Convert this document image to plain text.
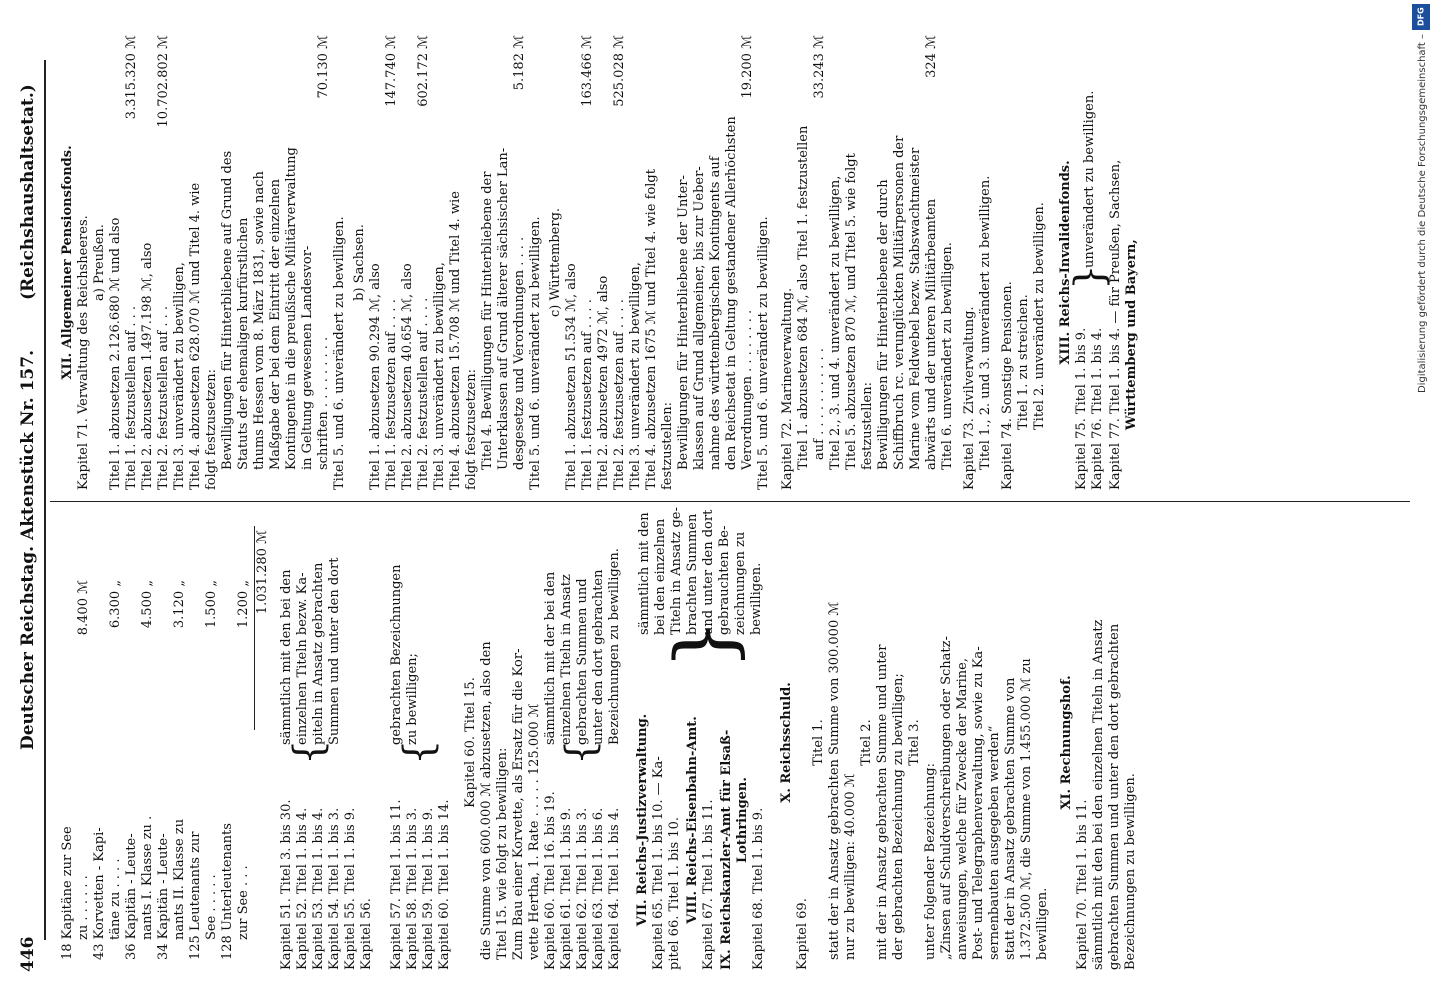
446
Deutscher Reichstag.
Aktenstück Nr. 157.
(Reichshaushaltsetat.)
18 Kapitäne zur See zu . . . . . .
8.400 ℳ
43 Korvetten - Kapi- täne zu . . . .
6.300 „
36 Kapitän - Leute- nants I. Klasse zu .
4.500 „
34 Kapitän - Leute- nants II. Klasse zu
3.120 „
125 Leutenants zur See . . . . .
1.500 „
128 Unterleutenants zur See . . .
1.200 „ 1.031.280 ℳ
Kapitel 51. Titel 3. bis 30. Kapitel 52. Titel 1. bis 4. Kapitel 53. Titel 1. bis 4. Kapitel 54. Titel 1. bis 3. Kapitel 55. Titel 1. bis 9. Kapitel 56.
{
sämmtlich mit den bei den einzelnen Titeln bezw. Ka- piteln in Ansatz gebrachten Summen und unter den dort
Kapitel 57. Titel 1. bis 11. Kapitel 58. Titel 1. bis 3. Kapitel 59. Titel 1. bis 9. Kapitel 60. Titel 1. bis 14.
{
gebrachten Bezeichnungen zu bewilligen;	Kapitel 60. Titel 15. die Summe von 600.000 ℳ abzusetzen, also den Titel 15. wie folgt zu bewilligen: Zum Bau einer Korvette, als Ersatz für die Kor- vette Hertha, 1. Rate . . . . . 125.000 ℳ Kapitel 60. Titel 16. bis 19. Kapitel 61. Titel 1. bis 9. Kapitel 62. Titel 1. bis 3. Kapitel 63. Titel 1. bis 6. Kapitel 64. Titel 1. bis 4.
{
sämmtlich mit der bei den einzelnen Titeln in Ansatz gebrachten Summen und unter den dort gebrachten Bezeichnungen zu bewilligen.
VII. Reichs-Justizverwaltung. Kapitel 65. Titel 1. bis 10. — Ka- pitel 66. Titel 1. bis 10. VIII. Reichs-Eisenbahn-Amt. Kapitel 67. Titel 1. bis 11. IX. Reichskanzler-Amt für Elsaß- Lothringen. Kapitel 68. Titel 1. bis 9.
}
sämmtlich mit den bei den einzelnen Titeln in Ansatz ge- brachten Summen und unter den dort gebrauchten Be- zeichnungen zu bewilligen.
X. Reichsschuld.
Kapitel 69.
Titel 1. statt der in Ansatz gebrachten Summe von 300.000 ℳ nur zu bewilligen: 40.000 ℳ
Titel 2. mit der in Ansatz gebrachten Summe und unter der gebrachten Bezeichnung zu bewilligen; Titel 3.
unter folgender Bezeichnung: „Zinsen auf Schuldverschreibungen oder Schatz- anweisungen, welche für Zwecke der Marine, Post- und Telegraphenverwaltung, sowie zu Ka- sernenbauten ausgegeben werden“ statt der in Ansatz gebrachten Summe von 1.372.500 ℳ, die Summe von 1.455.000 ℳ zu bewilligen.
XI. Rechnungshof.
Kapitel 70. Titel 1. bis 11. sämmtlich mit den bei den einzelnen Titeln in Ansatz gebrachten Summen und unter den dort gebrachten Bezeichnungen zu bewilligen.
XII. Allgemeiner Pensionsfonds. Kapitel 71. Verwaltung des Reichsheeres. a) Preußen. Titel 1. abzusetzen 2.126.680 ℳ und also Titel 1. festzustellen auf . . .
3.315.320 ℳ
Titel 2. abzusetzen 1.497.198 ℳ, also Titel 2. festzustellen auf . . .
10.702.802 ℳ
Titel 3. unverändert zu bewilligen, Titel 4. abzusetzen 628.070 ℳ und Titel 4. wie folgt festzusetzen: Bewilligungen für Hinterbliebene auf Grund des Statuts der ehemaligen kurfürstlichen thums Hessen vom 8. März 1831, sowie nach Maßgabe der bei dem Eintritt der einzelnen Kontingente in die preußische Militärverwaltung in Geltung gewesenen Landesvor- schriften . . . . . . . . .
70.130 ℳ
Titel 5. und 6. unverändert zu bewilligen. b) Sachsen.
Titel 1. abzusetzen 90.294 ℳ, also Titel 1. festzusetzen auf . . . .
147.740 ℳ
Titel 2. abzusetzen 40.654 ℳ, also Titel 2. festzustellen auf . . . .
602.172 ℳ
Titel 3. unverändert zu bewilligen, Titel 4. abzusetzen 15.708 ℳ und Titel 4. wie folgt festzusetzen: Titel 4. Bewilligungen für Hinterbliebene der Unterklassen auf Grund älterer sächsischer Lan- desgesetze und Verordnungen . . . .
5.182 ℳ
Titel 5. und 6. unverändert zu bewilligen. c) Württemberg.
Titel 1. abzusetzen 51.534 ℳ, also Titel 1. festzusetzen auf . . . .
163.466 ℳ
Titel 2. abzusetzen 4972 ℳ, also Titel 2. festzusetzen auf . . . .
525.028 ℳ
Titel 3. unverändert zu bewilligen, Titel 4. abzusetzen 1675 ℳ und Titel 4. wie folgt festzustellen: Bewilligungen für Hinterbliebene der Unter- klassen auf Grund allgemeiner, bis zur Ueber- nahme des württembergischen Kontingents auf den Reichsetat in Geltung gestandener Allerhöchsten Verordnungen . . . . . . . .
19.200 ℳ
Titel 5. und 6. unverändert zu bewilligen. Kapitel 72. Marineverwaltung. Titel 1. abzusetzen 684 ℳ, also Titel 1. festzustellen auf . . . . . . . . . . .
33.243 ℳ
Titel 2., 3. und 4. unverändert zu bewilligen, Titel 5. abzusetzen 870 ℳ, und Titel 5. wie folgt festzustellen: Bewilligungen für Hinterbliebene der durch Schiffbruch rc. verunglückten Militärpersonen der Marine vom Feldwebel bezw. Stabswachtmeister abwärts und der unteren Militärbeamten
324 ℳ
Titel 6. unverändert zu bewilligen. Kapitel 73. Zivilverwaltung. Titel 1., 2. und 3. unverändert zu bewilligen. Kapitel 74. Sonstige Pensionen. Titel 1. zu streichen. Titel 2. unverändert zu bewilligen. XIII. Reichs-Invalidenfonds.
Kapitel 75. Titel 1. bis 9. Kapitel 76. Titel 1. bis 4.
}
unverändert zu bewilligen. Kapitel 77. Titel 1. bis 4. — für Preußen, Sachsen, Württemberg und Bayern,
DFG
Digitalisierung gefördert durch die Deutsche Forschungsgemeinschaft –
